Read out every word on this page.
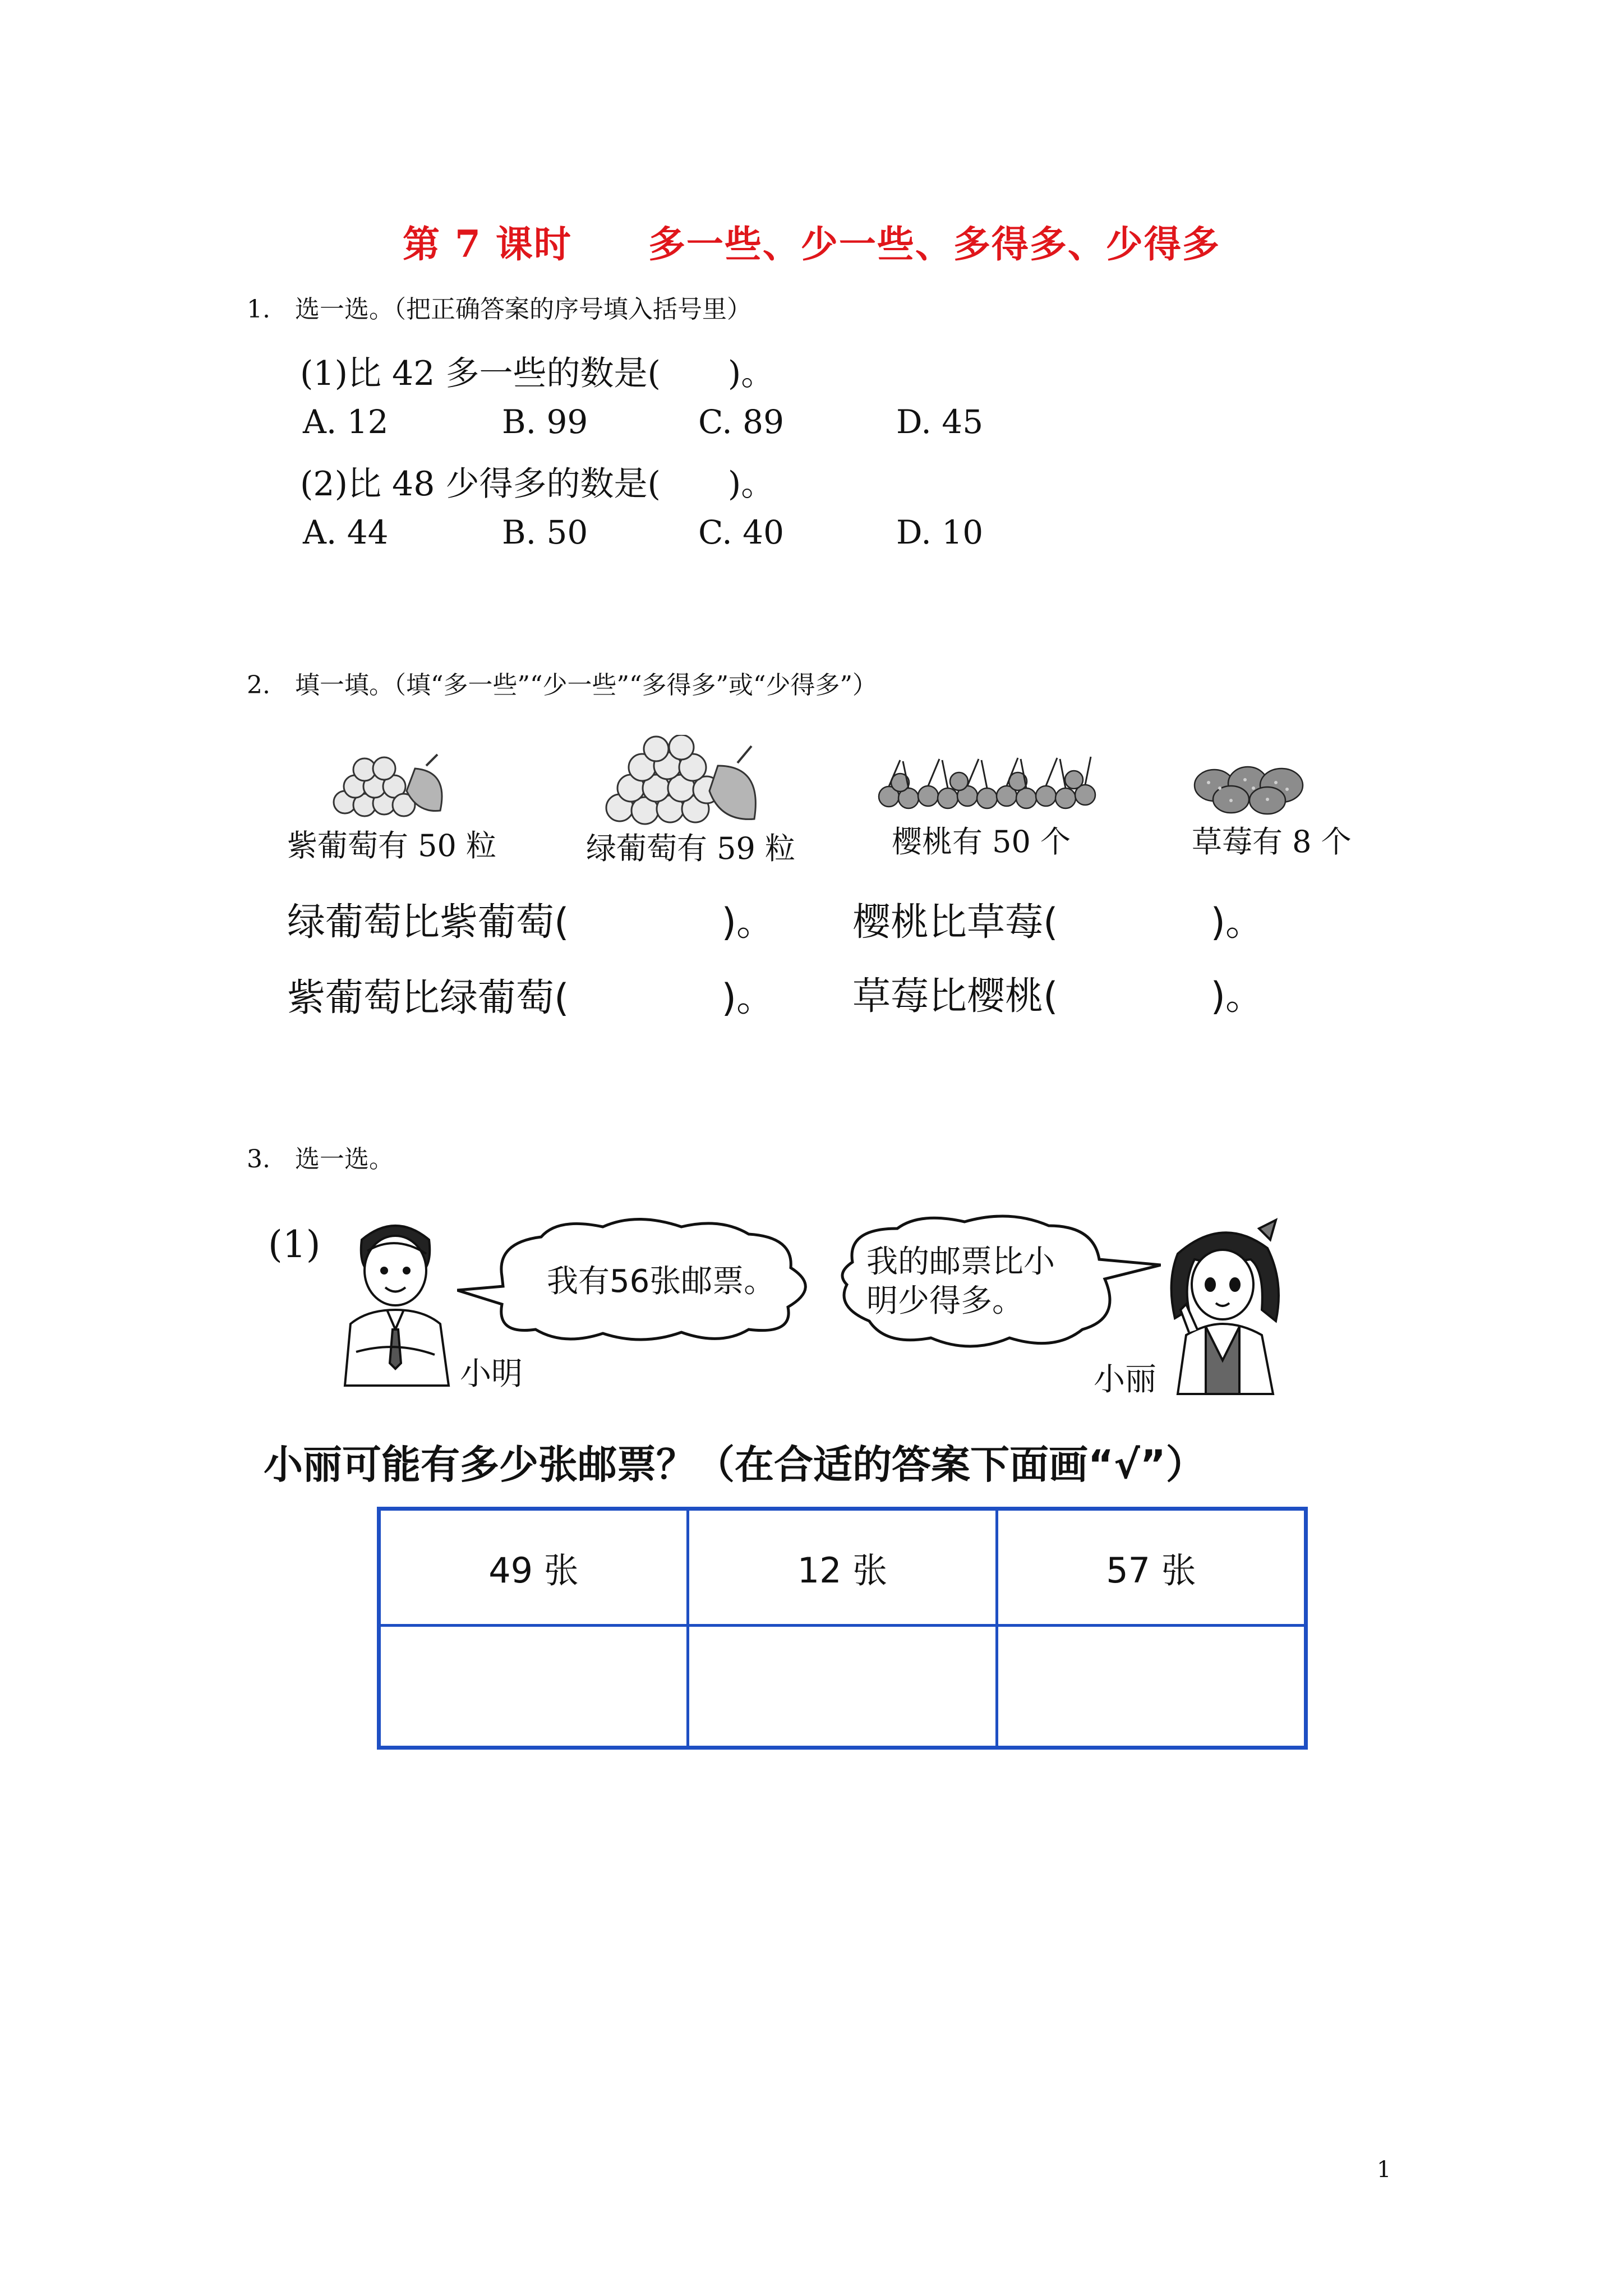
第 7 课时　　多一些、少一些、多得多、少得多
1.　选一选。（把正确答案的序号填入括号里）
(1)比 42 多一些的数是(　　)。
A. 12	B. 99	C. 89	D. 45
(2)比 48 少得多的数是(　　)。
A. 44	B. 50	C. 40	D. 10
2.　填一填。（填“多一些”“少一些”“多得多”或“少得多”）
紫葡萄有 50 粒	绿葡萄有 59 粒	樱桃有 50 个	草莓有 8 个
绿葡萄比紫葡萄(　　　　)。 樱桃比草莓(　　　　)。
紫葡萄比绿葡萄(　　　　)。 草莓比樱桃(　　　　)。
3.　选一选。
(1)
小明
我有56张邮票。
我的邮票比小
明少得多。
小丽
小丽可能有多少张邮票？（在合适的答案下面画“√”）
49 张	12 张	57 张

1
